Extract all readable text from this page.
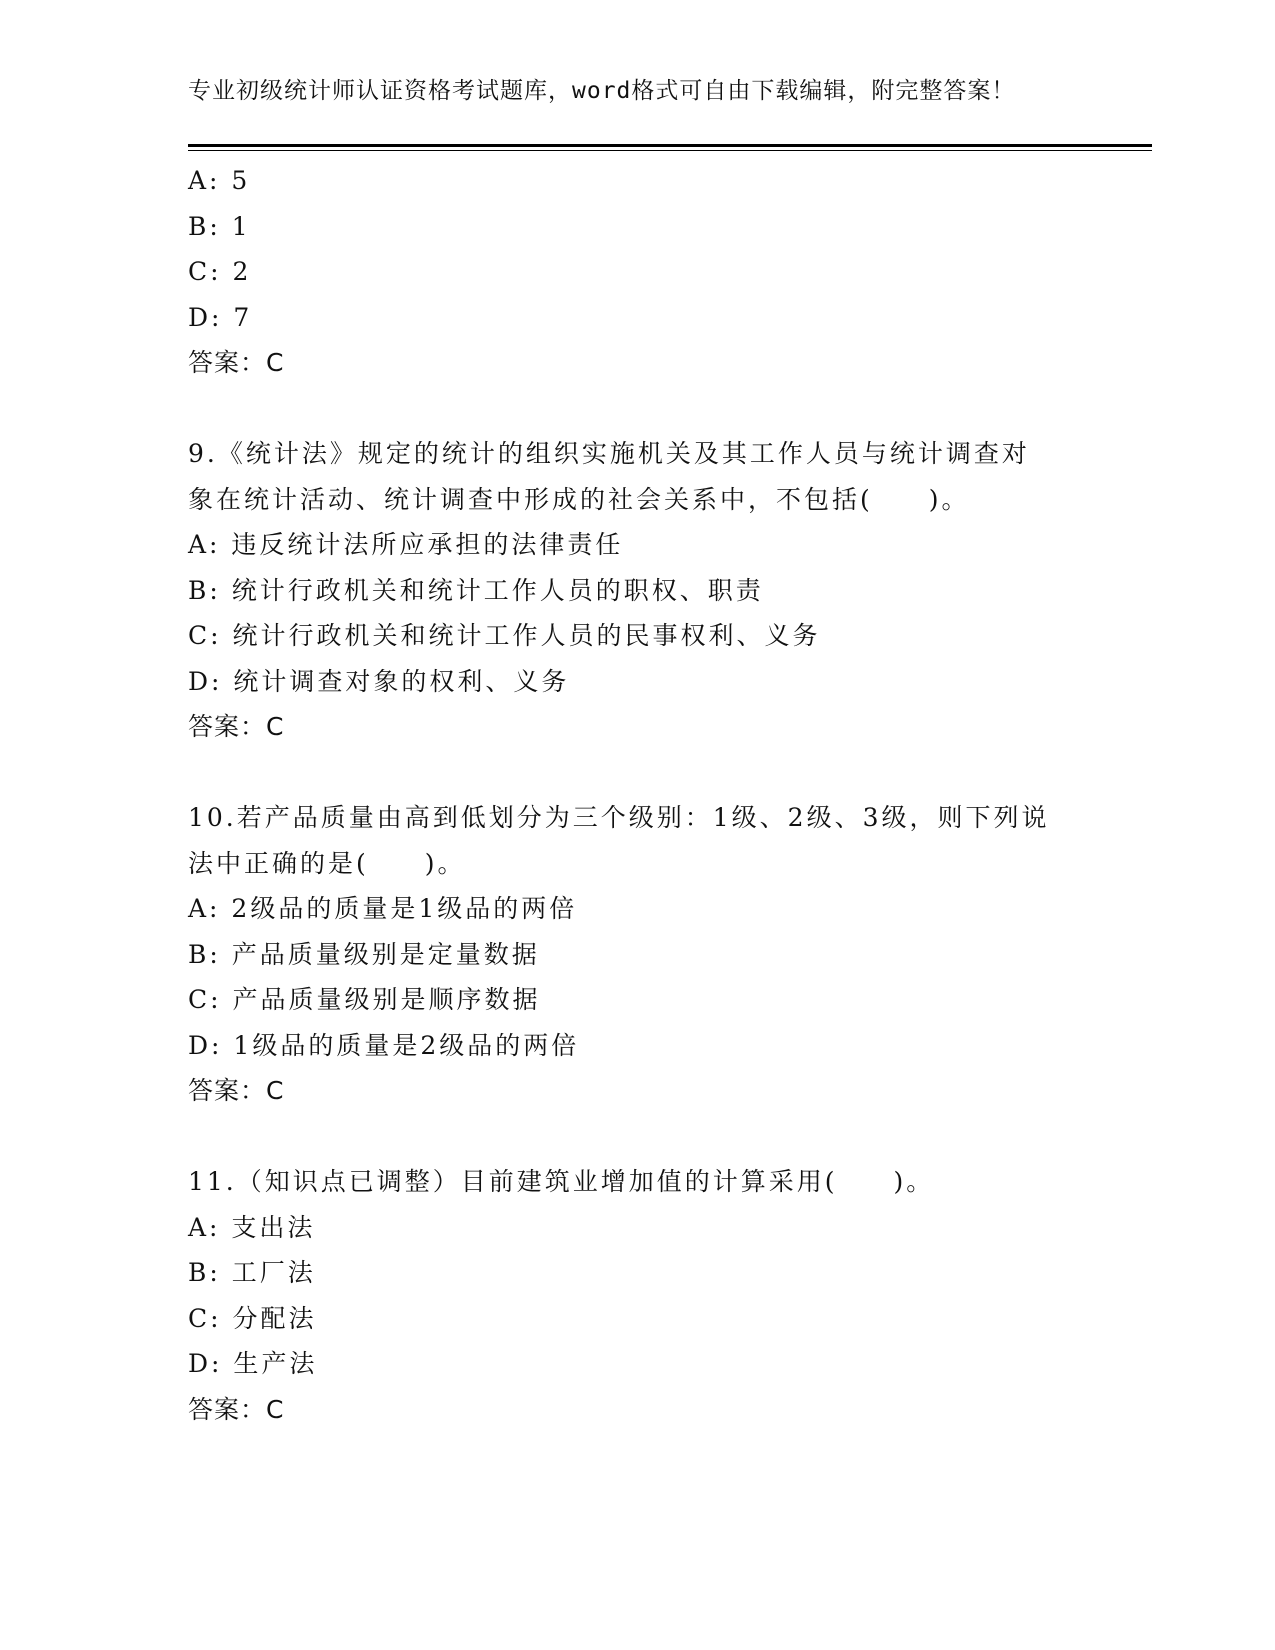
专业初级统计师认证资格考试题库，word格式可自由下载编辑，附完整答案！
A: 5
B: 1
C: 2
D: 7
答案：C
9.《统计法》规定的统计的组织实施机关及其工作人员与统计调查对
象在统计活动、统计调查中形成的社会关系中，不包括(　　)。
A: 违反统计法所应承担的法律责任
B: 统计行政机关和统计工作人员的职权、职责
C: 统计行政机关和统计工作人员的民事权利、义务
D: 统计调查对象的权利、义务
答案：C
10.若产品质量由高到低划分为三个级别：1级、2级、3级，则下列说
法中正确的是(　　)。
A: 2级品的质量是1级品的两倍
B: 产品质量级别是定量数据
C: 产品质量级别是顺序数据
D: 1级品的质量是2级品的两倍
答案：C
11.（知识点已调整）目前建筑业增加值的计算采用(　　)。
A: 支出法
B: 工厂法
C: 分配法
D: 生产法
答案：C
